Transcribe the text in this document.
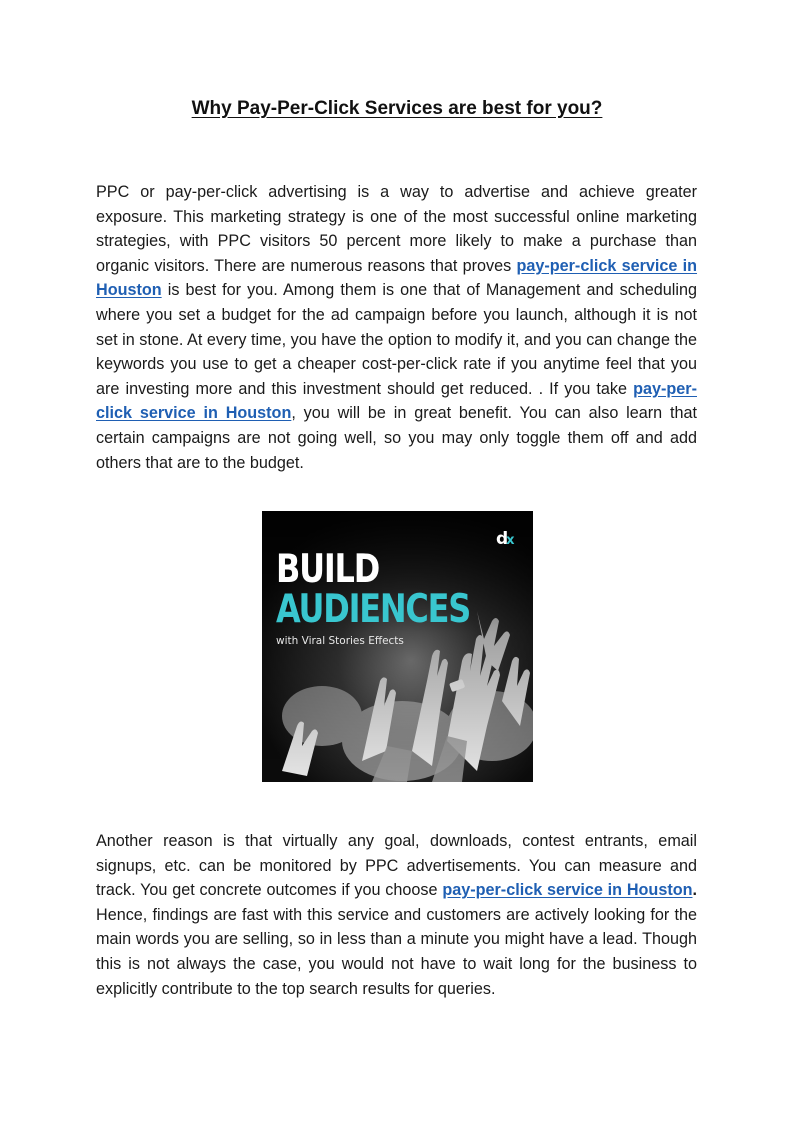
Why Pay-Per-Click Services are best for you?

PPC or pay-per-click advertising is a way to advertise and achieve greater exposure. This marketing strategy is one of the most successful online marketing strategies, with PPC visitors 50 percent more likely to make a purchase than organic visitors. There are numerous reasons that proves pay-per-click service in Houston is best for you. Among them is one that of Management and scheduling where you set a budget for the ad campaign before you launch, although it is not set in stone. At every time, you have the option to modify it, and you can change the keywords you use to get a cheaper cost-per-click rate if you anytime feel that you are investing more and this investment should get reduced. . If you take pay-per-click service in Houston, you will be in great benefit. You can also learn that certain campaigns are not going well, so you may only toggle them off and add others that are to the budget.

dx

BUILD

AUDIENCES

with Viral Stories Effects

Another reason is that virtually any goal, downloads, contest entrants, email signups, etc. can be monitored by PPC advertisements. You can measure and track. You get concrete outcomes if you choose pay-per-click service in Houston. Hence, findings are fast with this service and customers are actively looking for the main words you are selling, so in less than a minute you might have a lead. Though this is not always the case, you would not have to wait long for the business to explicitly contribute to the top search results for queries.
